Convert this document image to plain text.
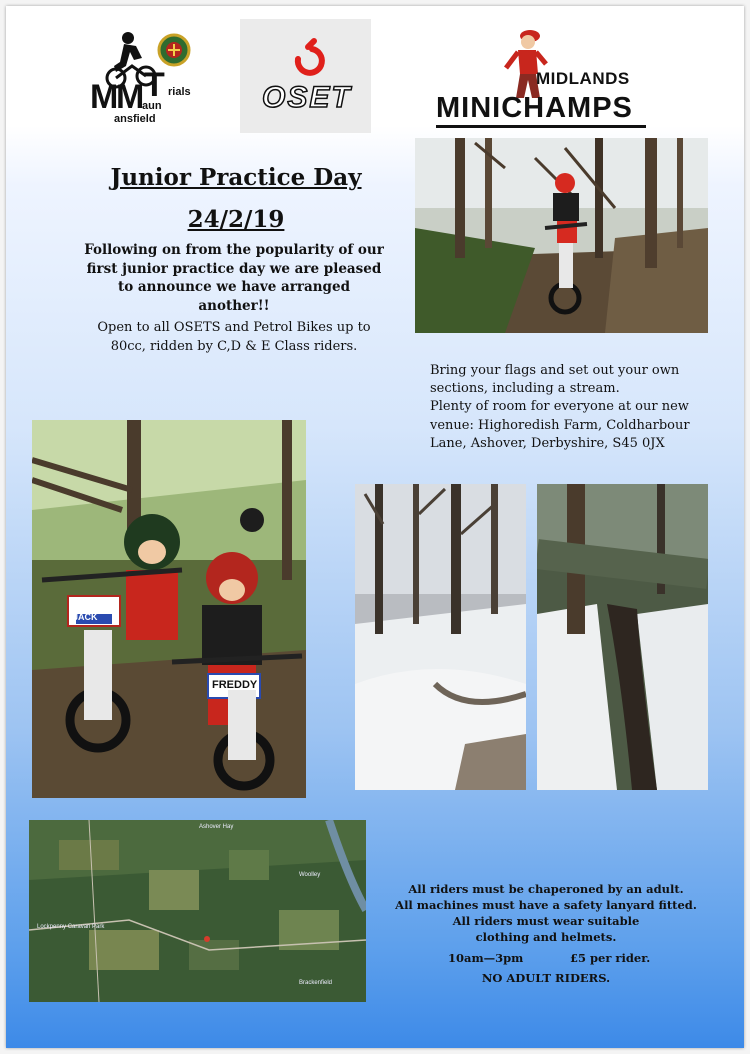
M
M T rials
aun
ansfield
OSET
MIDLANDS
MINICHAMPS
Junior Practice Day
24/2/19
Following on from the popularity of our first junior practice day we are pleased to announce we have arranged another!!
Open to all OSETS and Petrol Bikes up to 80cc, ridden by C,D & E Class riders.
Bring your flags and set out your own sections, including a stream.
Plenty of room for everyone at our new venue: Highoredish Farm, Coldharbour Lane, Ashover, Derbyshire, S45 0JX
JACK
FREDDY
Ashover Hay
Lockpenny Caravan Park
Woolley
Brackenfield
All riders must be chaperoned by an adult.
All machines must have a safety lanyard fitted.
All riders must wear suitable
clothing and helmets.
10am—3pm	£5 per rider.
NO ADULT RIDERS.
